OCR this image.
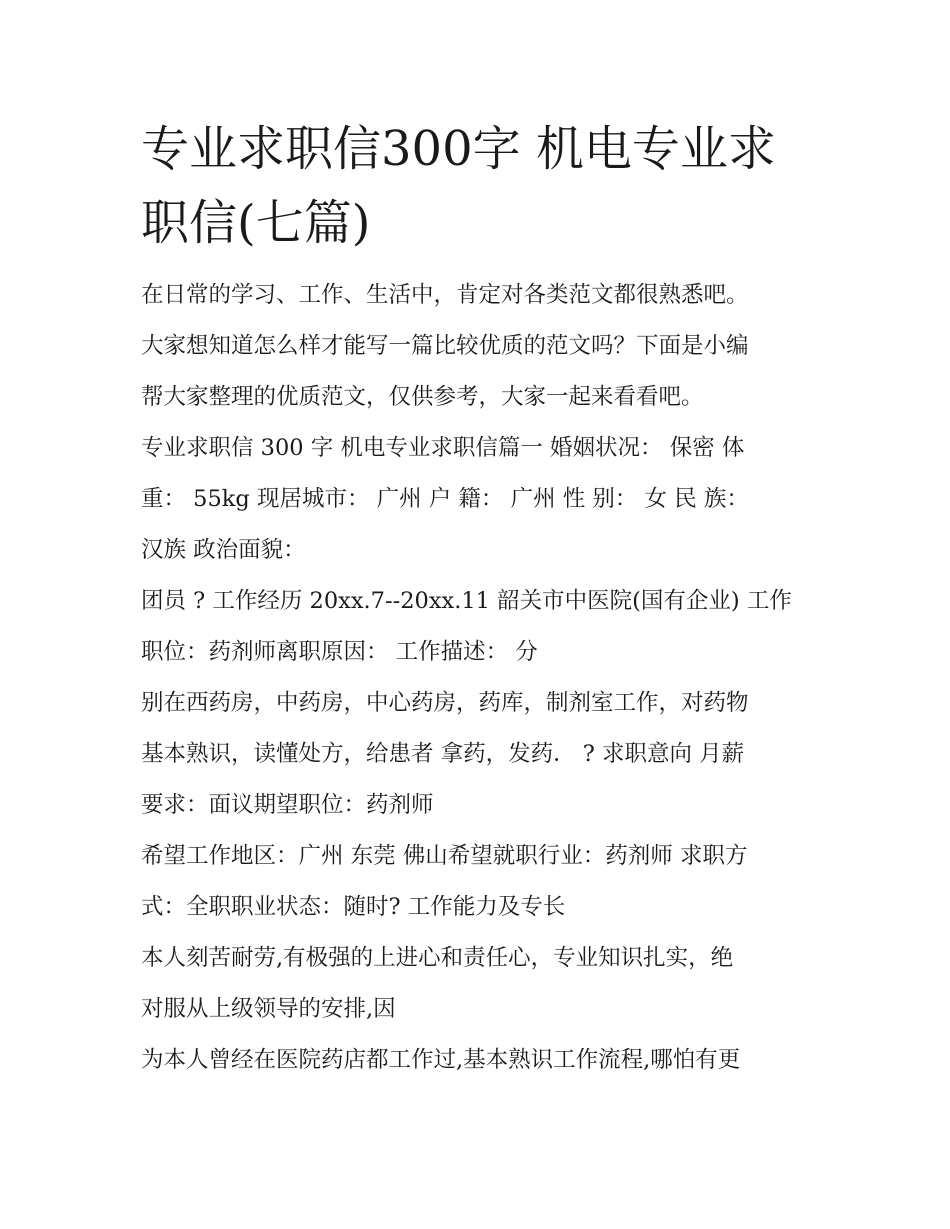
专业求职信300字 机电专业求
职信(七篇)

在日常的学习、工作、生活中，肯定对各类范文都很熟悉吧。

大家想知道怎么样才能写一篇比较优质的范文吗？下面是小编

帮大家整理的优质范文，仅供参考，大家一起来看看吧。

专业求职信 300 字 机电专业求职信篇一 婚姻状况： 保密 体

重： 55kg 现居城市： 广州 户 籍： 广州 性 别： 女 民 族：

汉族 政治面貌：

团员 ? 工作经历 20xx.7--20xx.11 韶关市中医院(国有企业) 工作

职位：药剂师离职原因： 工作描述： 分

别在西药房，中药房，中心药房，药库，制剂室工作，对药物

基本熟识，读懂处方，给患者 拿药，发药． ? 求职意向 月薪

要求：面议期望职位：药剂师

希望工作地区：广州 东莞 佛山希望就职行业：药剂师 求职方

式：全职职业状态：随时? 工作能力及专长

本人刻苦耐劳,有极强的上进心和责任心，专业知识扎实，绝

对服从上级领导的安排,因

为本人曾经在医院药店都工作过,基本熟识工作流程,哪怕有更
